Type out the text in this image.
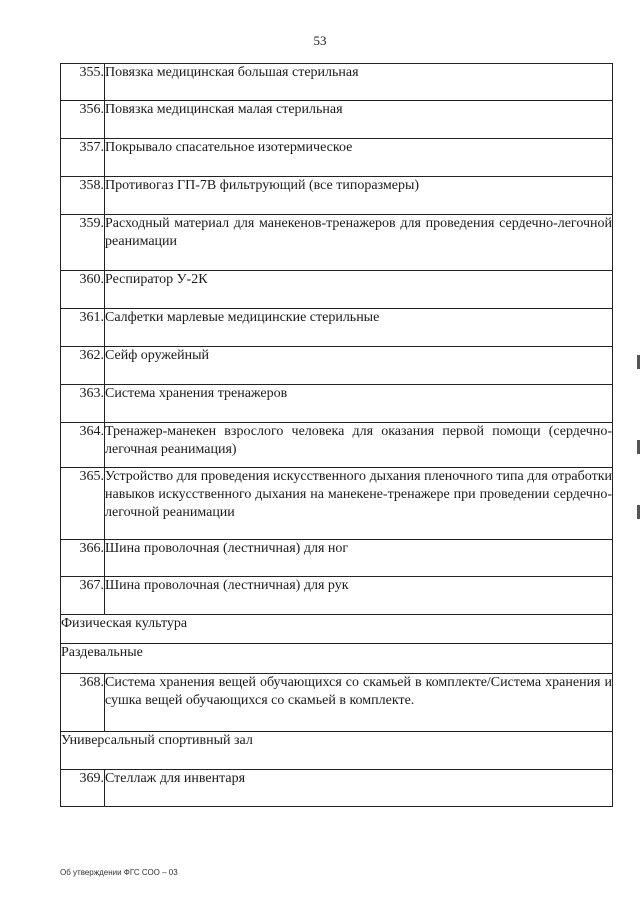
53
355.	Повязка медицинская большая стерильная
356.	Повязка медицинская малая стерильная
357.	Покрывало спасательное изотермическое
358.	Противогаз ГП-7В фильтрующий (все типоразмеры)
359.	Расходный материал для манекенов-тренажеров для проведения сердечно-легочной реанимации
360.	Респиратор У-2К
361.	Салфетки марлевые медицинские стерильные
362.	Сейф оружейный
363.	Система хранения тренажеров
364.	Тренажер-манекен взрослого человека для оказания первой помощи (сердечно-легочная реанимация)
365.	Устройство для проведения искусственного дыхания пленочного типа для отработки навыков искусственного дыхания на манекене-тренажере при проведении сердечно-легочной реанимации
366.	Шина проволочная (лестничная) для ног
367.	Шина проволочная (лестничная) для рук
Физическая культура	
Раздевальные	
368.	Система хранения вещей обучающихся со скамьей в комплекте/Система хранения и сушка вещей обучающихся со скамьей в комплекте.
Универсальный спортивный зал	
369.	Стеллаж для инвентаря
Об утверждении ФГС СОО – 03
